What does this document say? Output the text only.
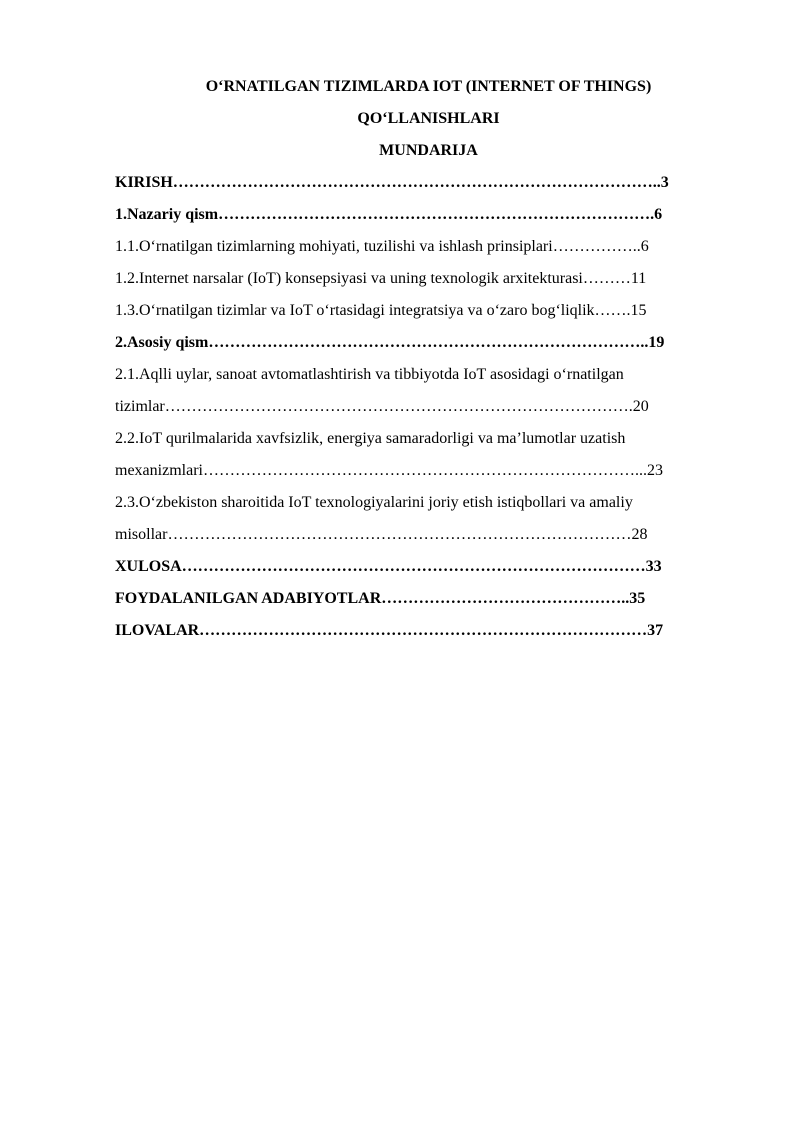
O‘RNATILGAN TIZIMLARDA IOT (INTERNET OF THINGS)
QO‘LLANISHLARI
MUNDARIJA
KIRISH………………………………………………………………………………..3
1.Nazariy qism……………………………………………………………………….6
1.1.O‘rnatilgan tizimlarning mohiyati, tuzilishi va ishlash prinsiplari……………..6
1.2.Internet narsalar (IoT) konsepsiyasi va uning texnologik arxitekturasi………11
1.3.O‘rnatilgan tizimlar va IoT o‘rtasidagi integratsiya va o‘zaro bog‘liqlik…….15
2.Asosiy qism………………………………………………………………………..19
2.1.Aqlli uylar, sanoat avtomatlashtirish va tibbiyotda IoT asosidagi o‘rnatilgan tizimlar…………………………………………………………………………….20
2.2.IoT qurilmalarida xavfsizlik, energiya samaradorligi va ma’lumotlar uzatish mexanizmlari………………………………………………………………………...23
2.3.O‘zbekiston sharoitida IoT texnologiyalarini joriy etish istiqbollari va amaliy misollar……………………………………………………………………………28
XULOSA……………………………………………………………………………33
FOYDALANILGAN ADABIYOTLAR………………………………………..35
ILOVALAR…………………………………………………………………………37
